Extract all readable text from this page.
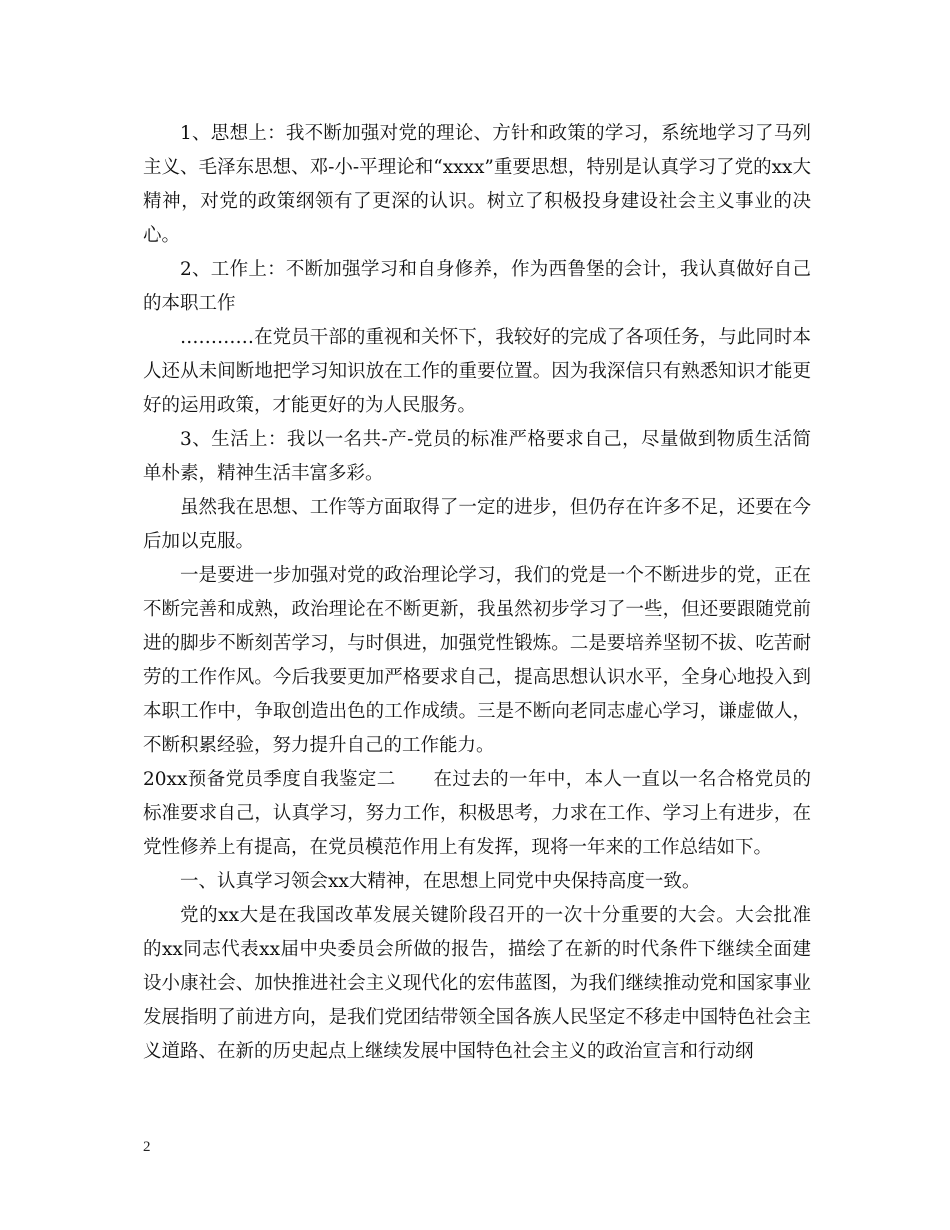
1、思想上：我不断加强对党的理论、方针和政策的学习，系统地学习了马列主义、毛泽东思想、邓-小-平理论和“xxxx”重要思想，特别是认真学习了党的xx大精神，对党的政策纲领有了更深的认识。树立了积极投身建设社会主义事业的决心。

2、工作上：不断加强学习和自身修养，作为西鲁堡的会计，我认真做好自己的本职工作

…………在党员干部的重视和关怀下，我较好的完成了各项任务，与此同时本人还从未间断地把学习知识放在工作的重要位置。因为我深信只有熟悉知识才能更好的运用政策，才能更好的为人民服务。

3、生活上：我以一名共-产-党员的标准严格要求自己，尽量做到物质生活简单朴素，精神生活丰富多彩。

虽然我在思想、工作等方面取得了一定的进步，但仍存在许多不足，还要在今后加以克服。

一是要进一步加强对党的政治理论学习，我们的党是一个不断进步的党，正在不断完善和成熟，政治理论在不断更新，我虽然初步学习了一些，但还要跟随党前进的脚步不断刻苦学习，与时俱进，加强党性锻炼。二是要培养坚韧不拔、吃苦耐劳的工作作风。今后我要更加严格要求自己，提高思想认识水平，全身心地投入到本职工作中，争取创造出色的工作成绩。三是不断向老同志虚心学习，谦虚做人，不断积累经验，努力提升自己的工作能力。

20xx预备党员季度自我鉴定二　　在过去的一年中，本人一直以一名合格党员的标准要求自己，认真学习，努力工作，积极思考，力求在工作、学习上有进步，在党性修养上有提高，在党员模范作用上有发挥，现将一年来的工作总结如下。

一、认真学习领会xx大精神，在思想上同党中央保持高度一致。

党的xx大是在我国改革发展关键阶段召开的一次十分重要的大会。大会批准的xx同志代表xx届中央委员会所做的报告，描绘了在新的时代条件下继续全面建设小康社会、加快推进社会主义现代化的宏伟蓝图，为我们继续推动党和国家事业发展指明了前进方向，是我们党团结带领全国各族人民坚定不移走中国特色社会主义道路、在新的历史起点上继续发展中国特色社会主义的政治宣言和行动纲

2
